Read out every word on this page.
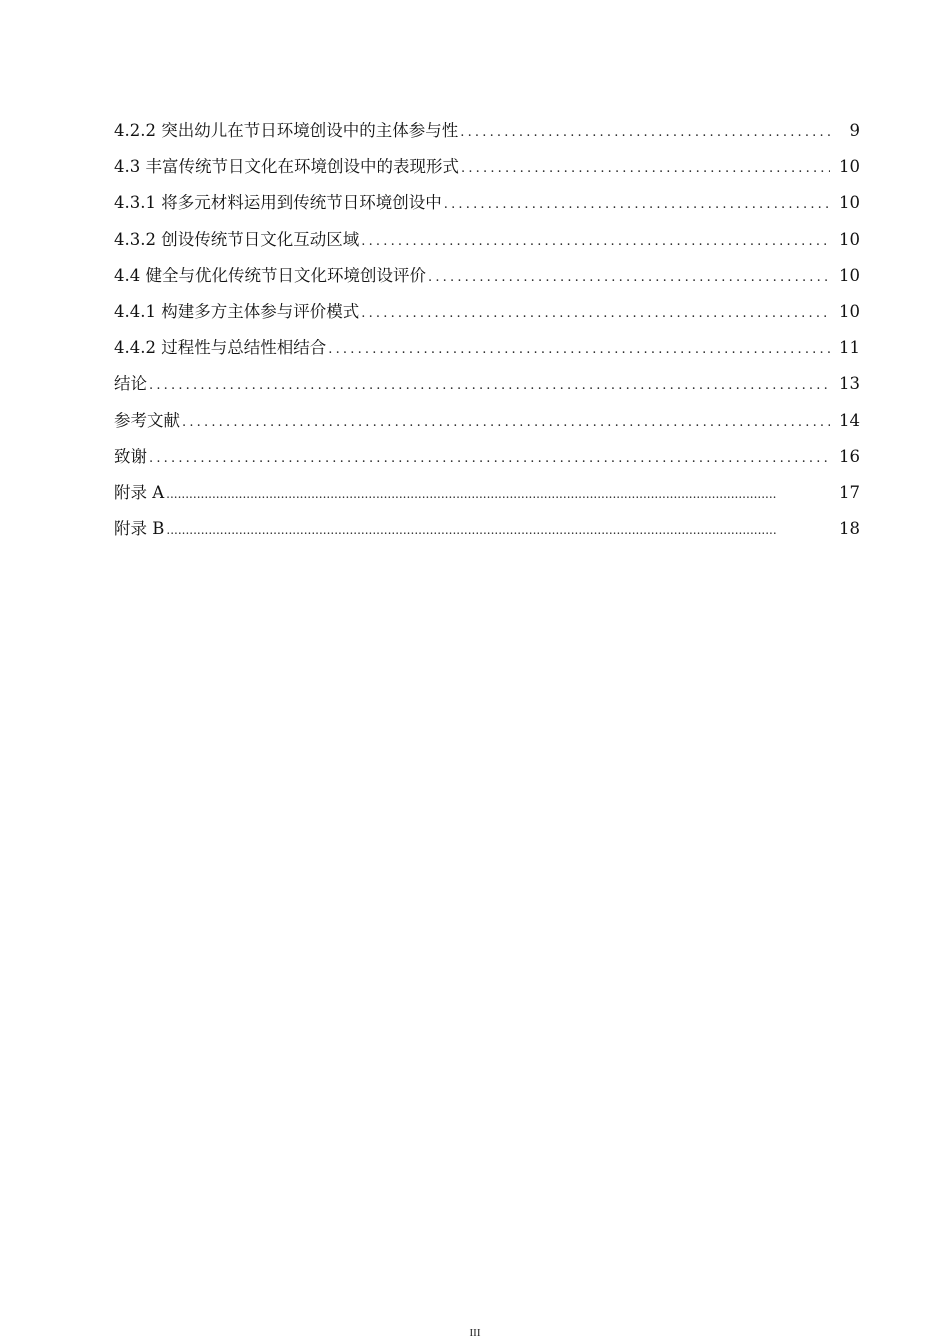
4.2.2 突出幼儿在节日环境创设中的主体参与性 .....	9
4.3 丰富传统节日文化在环境创设中的表现形式 .....	10
4.3.1 将多元材料运用到传统节日环境创设中 .....	10
4.3.2 创设传统节日文化互动区域 .....	10
4.4 健全与优化传统节日文化环境创设评价 .....	10
4.4.1 构建多方主体参与评价模式 .....	10
4.4.2 过程性与总结性相结合 .....	11
结论 .....	13
参考文献 .....	14
致谢 .....	16
附录 A .....	17
附录 B .....	18
III
